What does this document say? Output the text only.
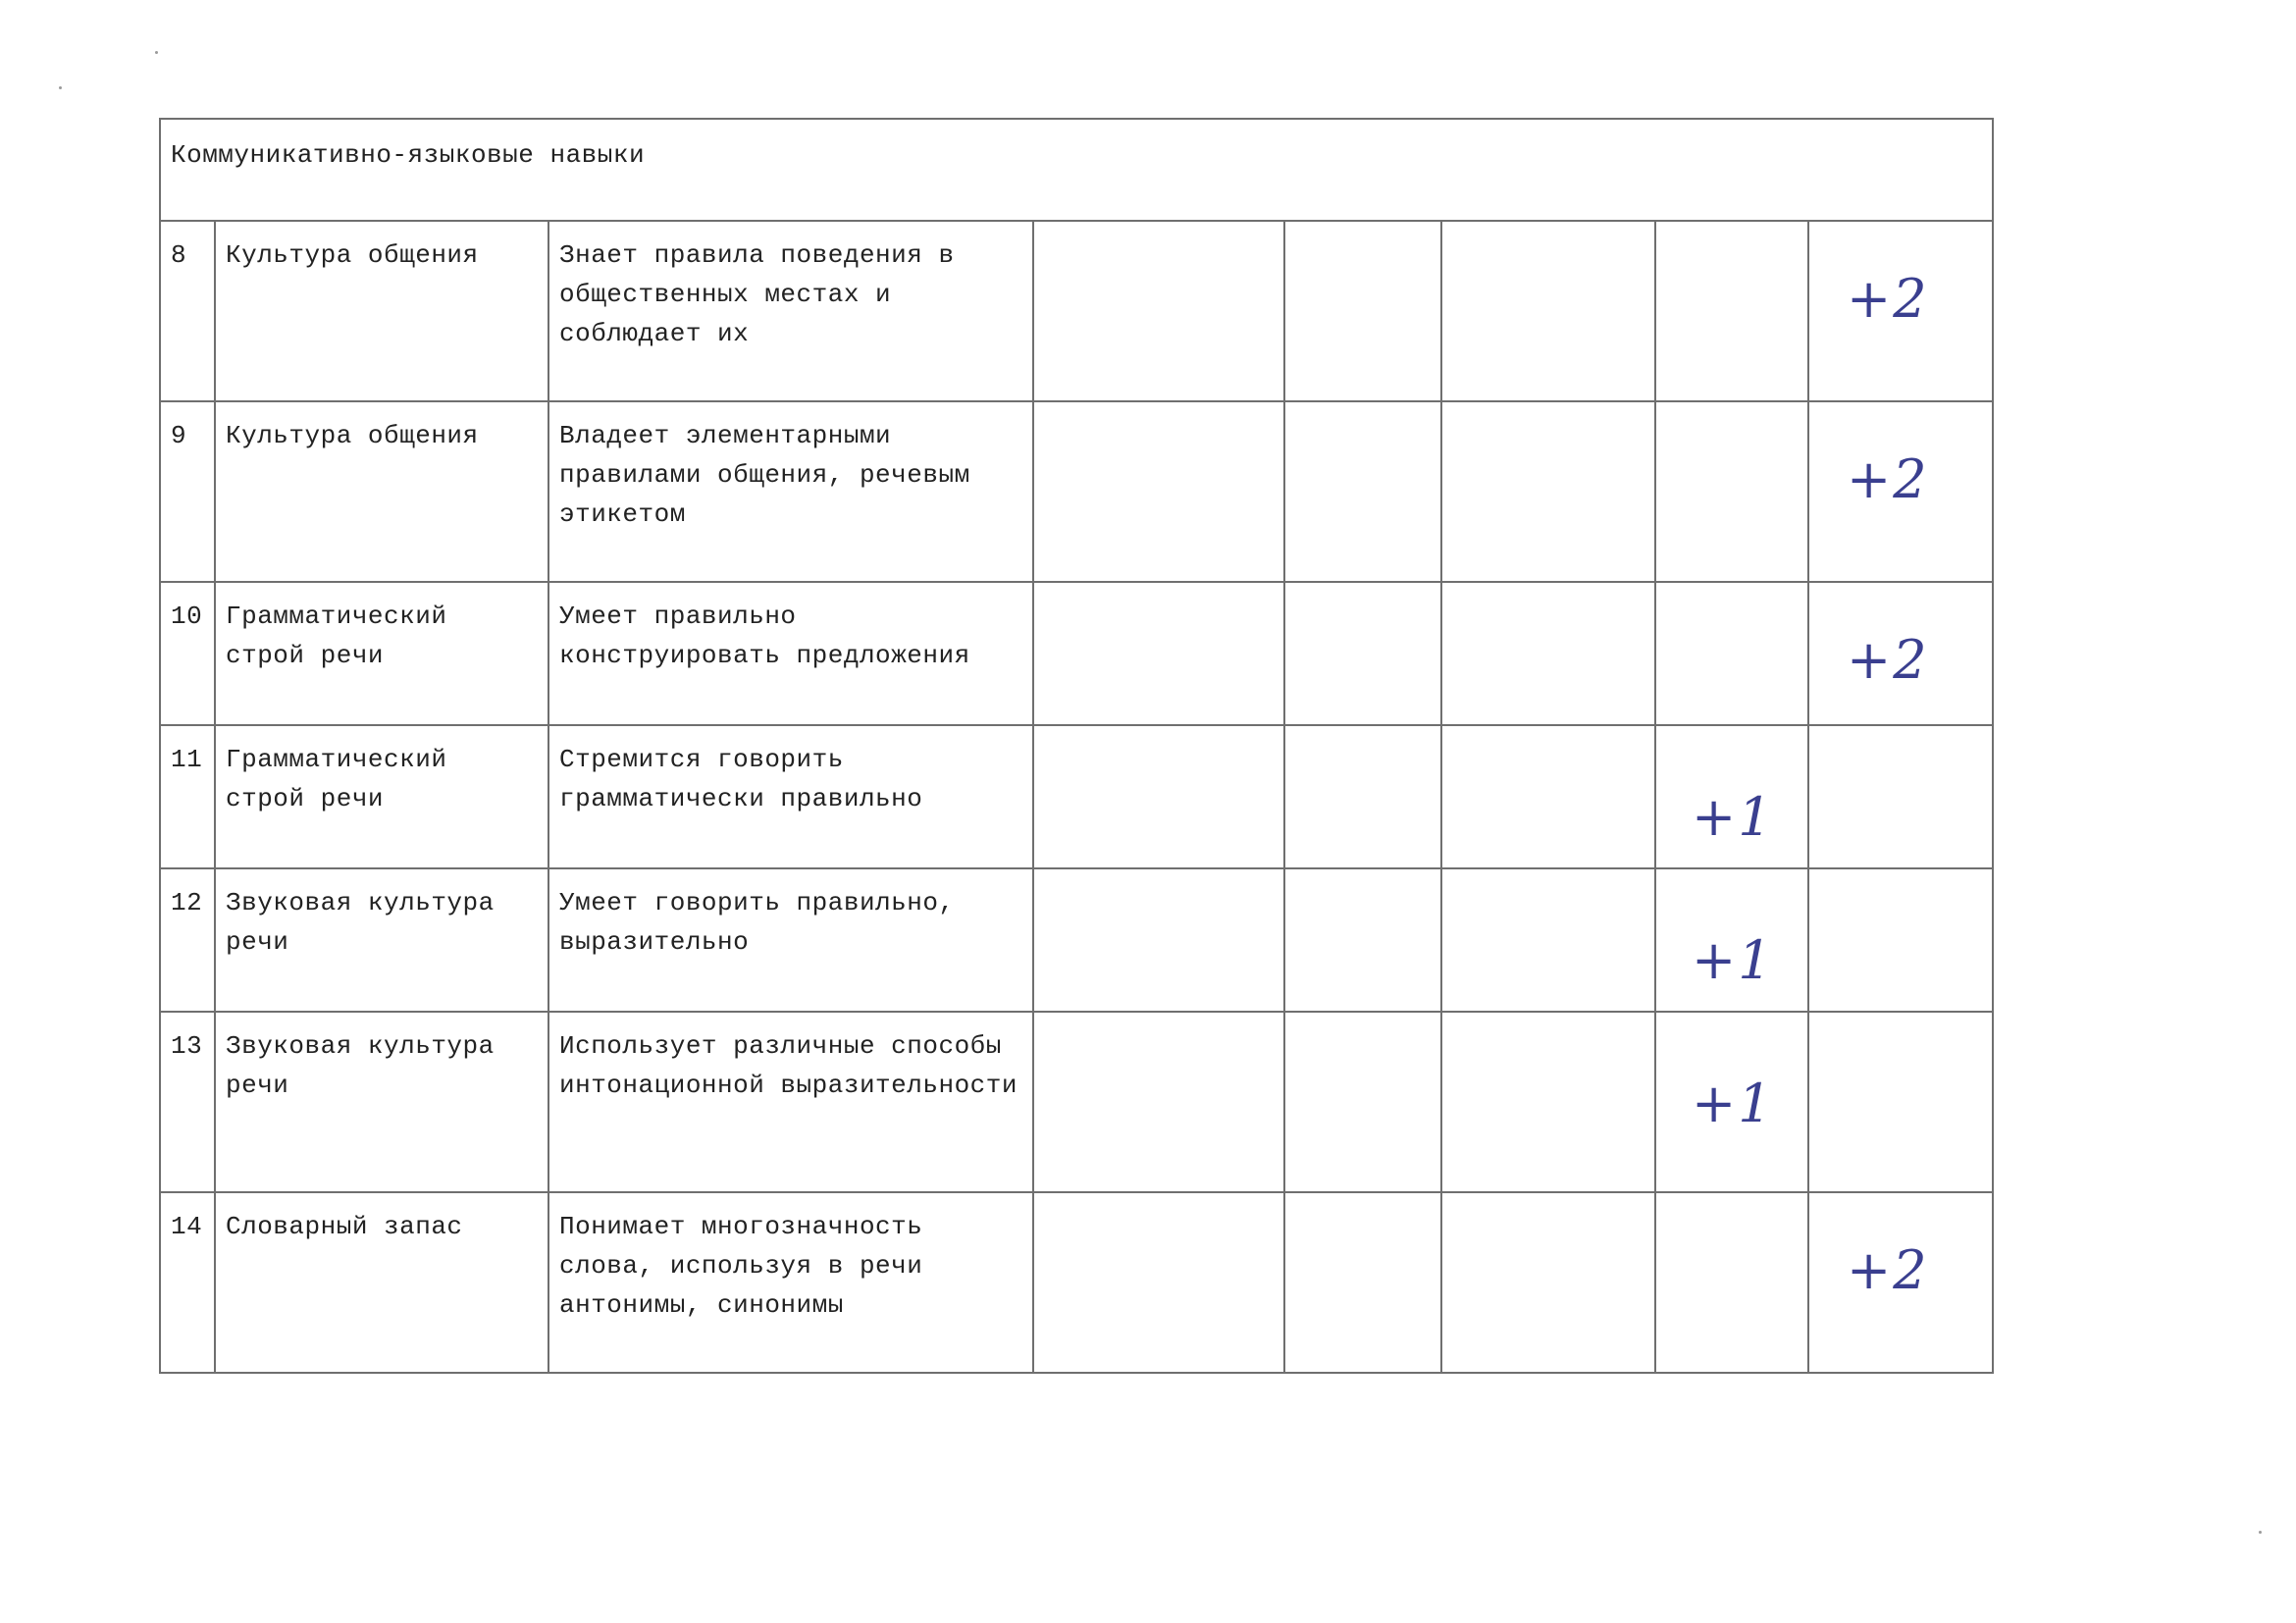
Коммуникативно-языковые навыки							
8	Культура общения	Знает правила поведения в общественных местах и соблюдает их					+2

9	Культура общения	Владеет элементарными правилами общения, речевым этикетом					+2

10	Грамматический строй речи	Умеет правильно конструировать предложения					+2

11	Грамматический строй речи	Стремится говорить грамматически правильно				+1	

12	Звуковая культура речи	Умеет говорить правильно, выразительно				+1	

13	Звуковая культура речи	Использует различные способы интонационной выразительности				+1	

14	Словарный запас	Понимает многозначность слова, используя в речи антонимы, синонимы					+2
